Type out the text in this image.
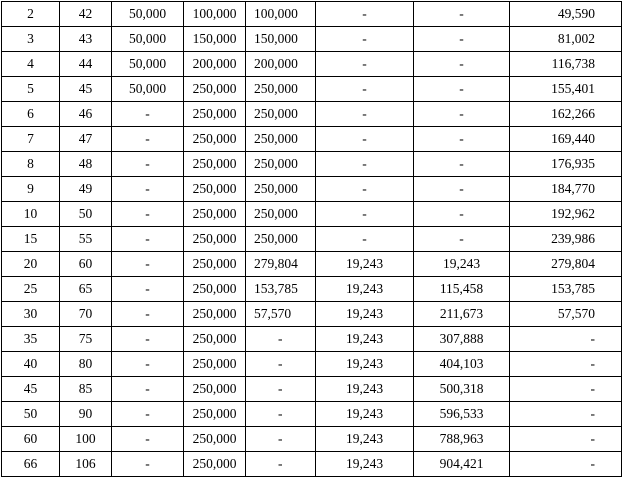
2	42	50,000	100,000	100,000	-	-	49,590
3	43	50,000	150,000	150,000	-	-	81,002
4	44	50,000	200,000	200,000	-	-	116,738
5	45	50,000	250,000	250,000	-	-	155,401
6	46	-	250,000	250,000	-	-	162,266
7	47	-	250,000	250,000	-	-	169,440
8	48	-	250,000	250,000	-	-	176,935
9	49	-	250,000	250,000	-	-	184,770
10	50	-	250,000	250,000	-	-	192,962
15	55	-	250,000	250,000	-	-	239,986
20	60	-	250,000	279,804	19,243	19,243	279,804
25	65	-	250,000	153,785	19,243	115,458	153,785
30	70	-	250,000	57,570	19,243	211,673	57,570
35	75	-	250,000	-	19,243	307,888	-
40	80	-	250,000	-	19,243	404,103	-
45	85	-	250,000	-	19,243	500,318	-
50	90	-	250,000	-	19,243	596,533	-
60	100	-	250,000	-	19,243	788,963	-
66	106	-	250,000	-	19,243	904,421	-
